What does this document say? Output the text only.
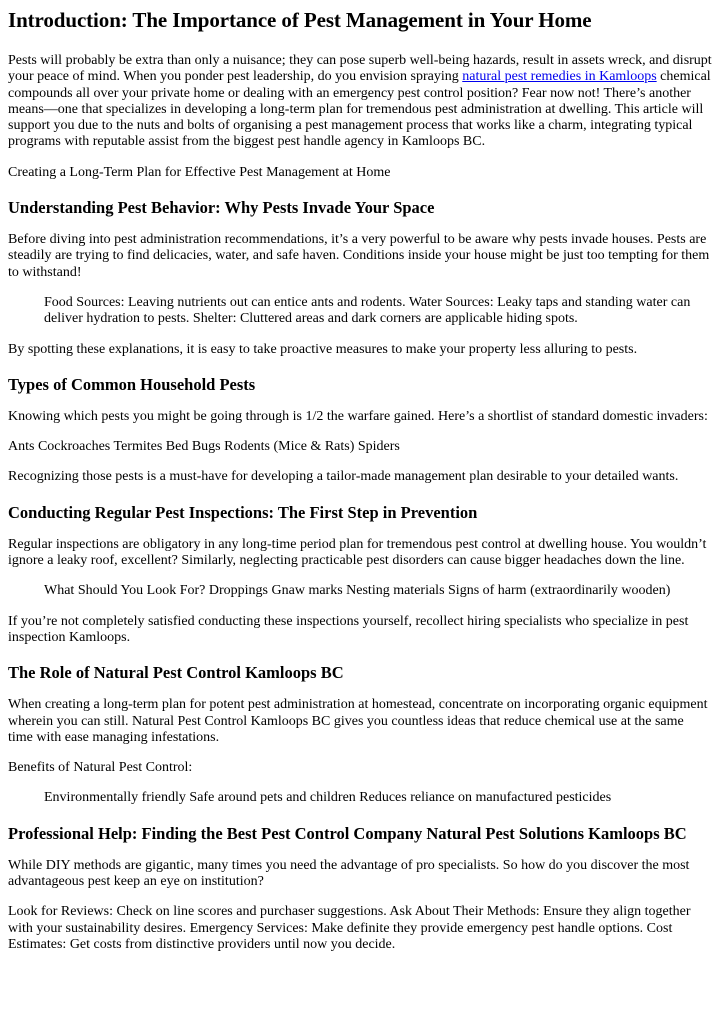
Introduction: The Importance of Pest Management in Your Home

Pests will probably be extra than only a nuisance; they can pose superb well-being hazards, result in assets wreck, and disrupt your peace of mind. When you ponder pest leadership, do you envision spraying natural pest remedies in Kamloops chemical compounds all over your private home or dealing with an emergency pest control position? Fear now not! There’s another means—one that specializes in developing a long-term plan for tremendous pest administration at dwelling. This article will support you due to the nuts and bolts of organising a pest management process that works like a charm, integrating typical programs with reputable assist from the biggest pest handle agency in Kamloops BC.

Creating a Long-Term Plan for Effective Pest Management at Home

Understanding Pest Behavior: Why Pests Invade Your Space

Before diving into pest administration recommendations, it’s a very powerful to be aware why pests invade houses. Pests are steadily are trying to find delicacies, water, and safe haven. Conditions inside your house might be just too tempting for them to withstand!

Food Sources: Leaving nutrients out can entice ants and rodents. Water Sources: Leaky taps and standing water can deliver hydration to pests. Shelter: Cluttered areas and dark corners are applicable hiding spots.

By spotting these explanations, it is easy to take proactive measures to make your property less alluring to pests.

Types of Common Household Pests

Knowing which pests you might be going through is 1/2 the warfare gained. Here’s a shortlist of standard domestic invaders:

Ants Cockroaches Termites Bed Bugs Rodents (Mice & Rats) Spiders

Recognizing those pests is a must-have for developing a tailor-made management plan desirable to your detailed wants.

Conducting Regular Pest Inspections: The First Step in Prevention

Regular inspections are obligatory in any long-time period plan for tremendous pest control at dwelling house. You wouldn’t ignore a leaky roof, excellent? Similarly, neglecting practicable pest disorders can cause bigger headaches down the line.

What Should You Look For? Droppings Gnaw marks Nesting materials Signs of harm (extraordinarily wooden)

If you’re not completely satisfied conducting these inspections yourself, recollect hiring specialists who specialize in pest inspection Kamloops.

The Role of Natural Pest Control Kamloops BC

When creating a long-term plan for potent pest administration at homestead, concentrate on incorporating organic equipment wherein you can still. Natural Pest Control Kamloops BC gives you countless ideas that reduce chemical use at the same time with ease managing infestations.

Benefits of Natural Pest Control:

Environmentally friendly Safe around pets and children Reduces reliance on manufactured pesticides

Professional Help: Finding the Best Pest Control Company Natural Pest Solutions Kamloops BC

While DIY methods are gigantic, many times you need the advantage of pro specialists. So how do you discover the most advantageous pest keep an eye on institution?

Look for Reviews: Check on line scores and purchaser suggestions. Ask About Their Methods: Ensure they align together with your sustainability desires. Emergency Services: Make definite they provide emergency pest handle options. Cost Estimates: Get costs from distinctive providers until now you decide.
